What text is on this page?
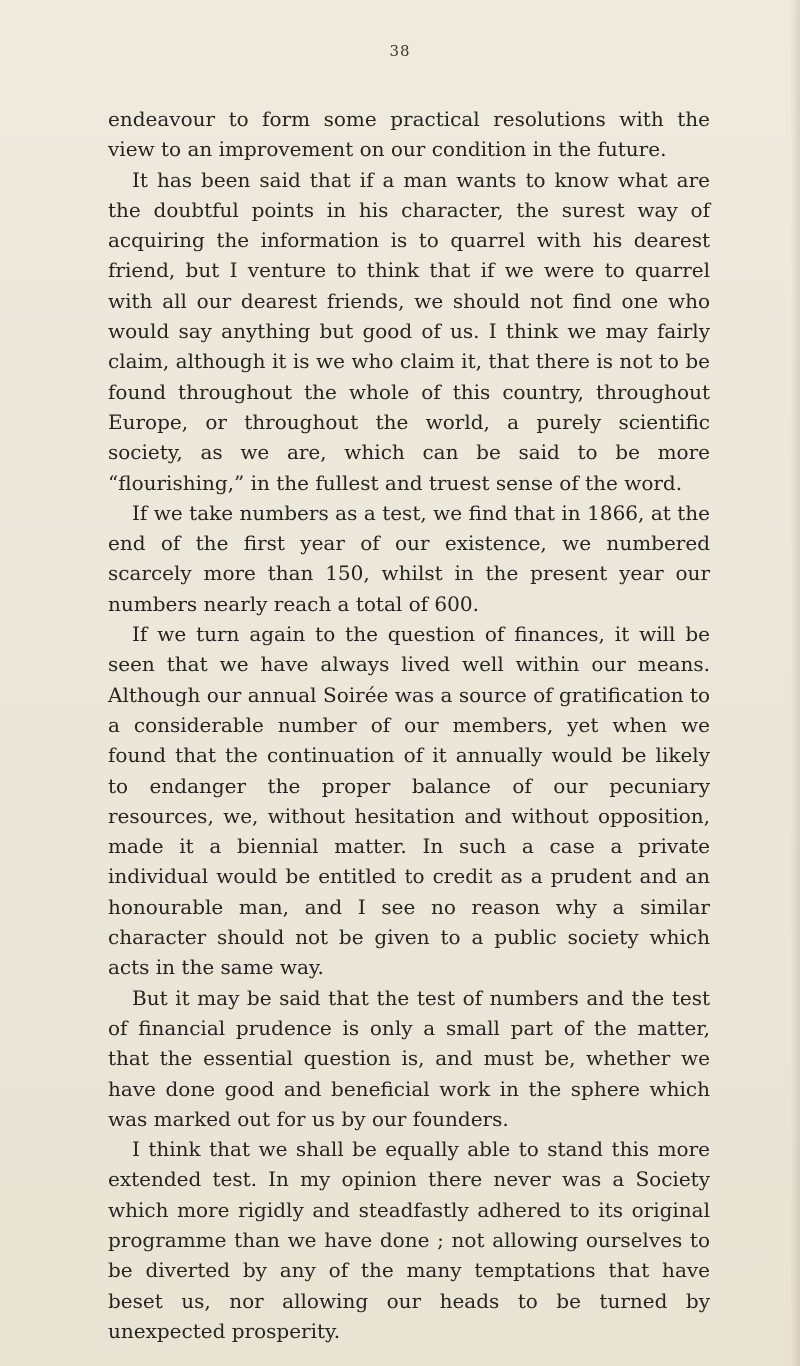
38

endeavour to form some practical resolutions with the view to an improvement on our condition in the future.

It has been said that if a man wants to know what are the doubtful points in his character, the surest way of acquiring the information is to quarrel with his dearest friend, but I venture to think that if we were to quarrel with all our dearest friends, we should not find one who would say anything but good of us. I think we may fairly claim, although it is we who claim it, that there is not to be found throughout the whole of this country, throughout Europe, or throughout the world, a purely scientific society, as we are, which can be said to be more “flourishing,” in the fullest and truest sense of the word.

If we take numbers as a test, we find that in 1866, at the end of the first year of our existence, we numbered scarcely more than 150, whilst in the present year our numbers nearly reach a total of 600.

If we turn again to the question of finances, it will be seen that we have always lived well within our means. Although our annual Soirée was a source of gratification to a considerable number of our members, yet when we found that the continuation of it annually would be likely to endanger the proper balance of our pecuniary resources, we, without hesitation and without opposition, made it a biennial matter. In such a case a private individual would be entitled to credit as a prudent and an honourable man, and I see no reason why a similar character should not be given to a public society which acts in the same way.

But it may be said that the test of numbers and the test of financial prudence is only a small part of the matter, that the essential question is, and must be, whether we have done good and beneficial work in the sphere which was marked out for us by our founders.

I think that we shall be equally able to stand this more extended test. In my opinion there never was a Society which more rigidly and steadfastly adhered to its original programme than we have done ; not allowing ourselves to be diverted by any of the many temptations that have beset us, nor allowing our heads to be turned by unexpected prosperity.
